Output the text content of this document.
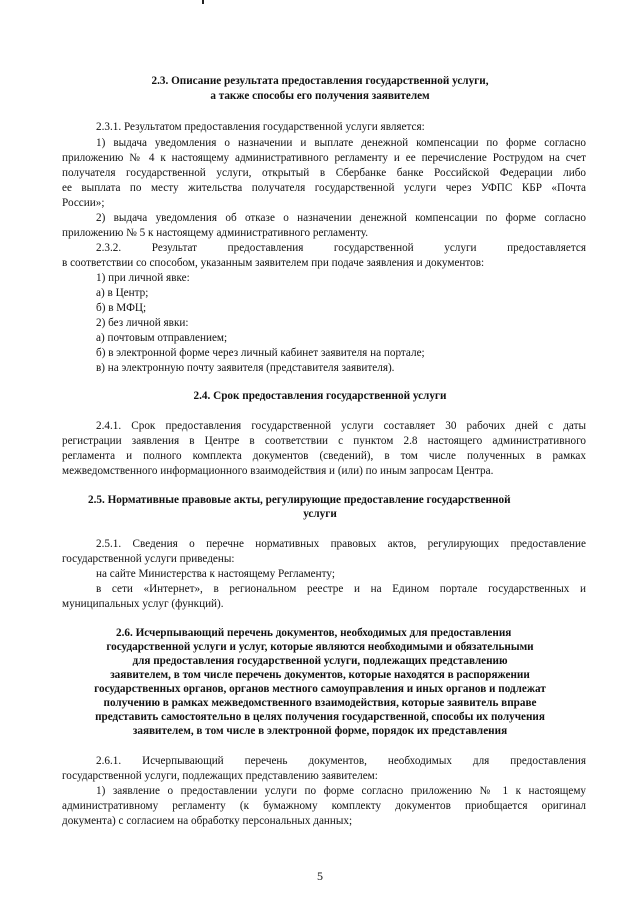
2.3. Описание результата предоставления государственной услуги,
а также способы его получения заявителем
2.3.1. Результатом предоставления государственной услуги является:
1) выдача уведомления о назначении и выплате денежной компенсации по форме согласно
приложению № 4 к настоящему административного регламенту и ее перечисление Рострудом на счет
получателя государственной услуги, открытый в Сбербанке банке Российской Федерации либо
ее выплата по месту жительства получателя государственной услуги через УФПС КБР «Почта
России»;
2) выдача уведомления об отказе о назначении денежной компенсации по форме согласно
приложению № 5 к настоящему административного регламенту.
2.3.2. Результат предоставления государственной услуги предоставляется
в соответствии со способом, указанным заявителем при подаче заявления и документов:
1) при личной явке:
а) в Центр;
б) в МФЦ;
2) без личной явки:
а) почтовым отправлением;
б) в электронной форме через личный кабинет заявителя на портале;
в) на электронную почту заявителя (представителя заявителя).
2.4. Срок предоставления государственной услуги
2.4.1. Срок предоставления государственной услуги составляет 30 рабочих дней с даты
регистрации заявления в Центре в соответствии с пунктом 2.8 настоящего административного
регламента и полного комплекта документов (сведений), в том числе полученных в рамках
межведомственного информационного взаимодействия и (или) по иным запросам Центра.
2.5. Нормативные правовые акты, регулирующие предоставление государственной
услуги
2.5.1. Сведения о перечне нормативных правовых актов, регулирующих предоставление
государственной услуги приведены:
на сайте Министерства к настоящему Регламенту;
в сети «Интернет», в региональном реестре и на Едином портале государственных и
муниципальных услуг (функций).
2.6. Исчерпывающий перечень документов, необходимых для предоставления
государственной услуги и услуг, которые являются необходимыми и обязательными
для предоставления государственной услуги, подлежащих представлению
заявителем, в том числе перечень документов, которые находятся в распоряжении
государственных органов, органов местного самоуправления и иных органов и подлежат
получению в рамках межведомственного взаимодействия, которые заявитель вправе
представить самостоятельно в целях получения государственной, способы их получения
заявителем, в том числе в электронной форме, порядок их представления
2.6.1. Исчерпывающий перечень документов, необходимых для предоставления
государственной услуги, подлежащих представлению заявителем:
1) заявление о предоставлении услуги по форме согласно приложению № 1 к настоящему
административному регламенту (к бумажному комплекту документов приобщается оригинал
документа) с согласием на обработку персональных данных;
5
